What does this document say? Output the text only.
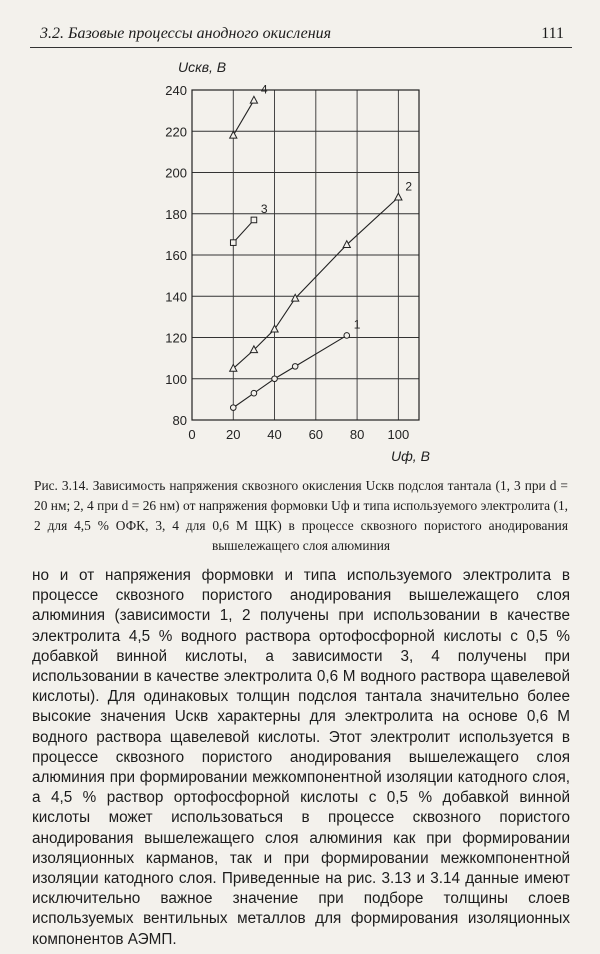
3.2. Базовые процессы анодного окисления	111
0 20 40 60 80 100
80
100
120
140
160
180
200
220
240
Uскв, В
Uф, В
1
2
3
4
Рис. 3.14. Зависимость напряжения сквозного окисления Uскв подслоя тантала (1, 3 при d = 20 нм; 2, 4 при d = 26 нм) от напряжения формовки Uф и типа используемого электролита (1, 2 для 4,5 % ОФК, 3, 4 для 0,6 М ЩК) в процессе сквозного пористого анодирования вышележащего слоя алюминия
но и от напряжения формовки и типа используемого электролита в процессе сквозного пористого анодирования вышележащего слоя алюминия (зависимости 1, 2 получены при использовании в качестве электролита 4,5 % водного раствора ортофосфорной кислоты с 0,5 % добавкой винной кислоты, а зависимости 3, 4 получены при использовании в качестве электролита 0,6 М водного раствора щавелевой кислоты). Для одинаковых толщин подслоя тантала значительно более высокие значения Uскв характерны для электролита на основе 0,6 М водного раствора щавелевой кислоты. Этот электролит используется в процессе сквозного пористого анодирования вышележащего слоя алюминия при формировании межкомпонентной изоляции катодного слоя, а 4,5 % раствор ортофосфорной кислоты с 0,5 % добавкой винной кислоты может использоваться в процессе сквозного пористого анодирования вышележащего слоя алюминия как при формировании изоляционных карманов, так и при формировании межкомпонентной изоляции катодного слоя. Приведенные на рис. 3.13 и 3.14 данные имеют исключительно важное значение при подборе толщины слоев используемых вентильных металлов для формирования изоляционных компонентов АЭМП.
